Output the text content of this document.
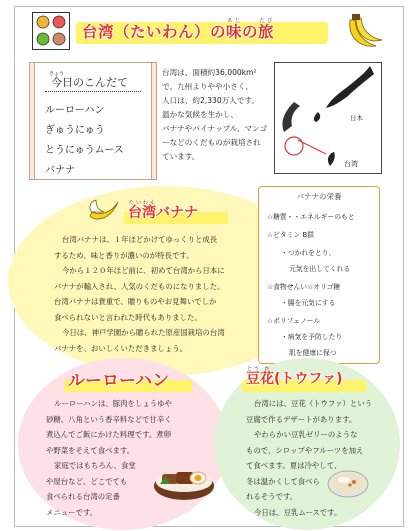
台湾（たいわん）の味あじの旅たび
今きょう日のこんだて
ルーローハン
ぎゅうにゅう
とうにゅうムース
バナナ
台湾は、面積約36,000km²
で、九州よりやや小さく、
人口は、約2,330万人です。
温かな気候を生かし、
バナナやパイナップル、マンゴ
ーなどのくだものが栽培され
ています。
日本
台湾
台たい湾わんバナナ
台湾バナナは、１年ほどかけてゆっくりと成長
するため、味と香りが濃いのが特長です。
今から１２０年ほど前に、初めて台湾から日本に
バナナが輸入され、人気のくだものになりました。
台湾バナナは貴重で、贈りものやお見舞いでしか
食べられないと言われた時代もありました。
今日は、神戸学園から贈られた原産国栽培の台湾
バナナを、おいしくいただきましょう。
バナナの栄養
☆糖質・・エネルギーのもと
☆ビタミン B群
・つかれをとり、
元気を出してくれる
☆食物せんい☆オリゴ糖
・腸を元気にする
☆ポリフェノール
・病気を予防したり
肌を健康に保つ
ルーローハン
ルーローハンは、豚肉をしょうゆや
砂糖、八角という香辛料などで甘辛く
煮込んでご飯にかけた料理です。煮卵
や野菜をそえて食べます。
家庭ではもちろん、食堂
や屋台など、どこでても
食べられる台湾の定番
メニューです。
豆とう花か(トウファ)
台湾には、豆花（トウファ）という
豆腐で作るデザートがあります。
やわらかい豆乳ゼリーのような
もので、シロップやフルーツを加え
て食べます。夏は冷やして、
冬は温かくして食べら
れるそうです。
今日は、豆乳ムースです。
